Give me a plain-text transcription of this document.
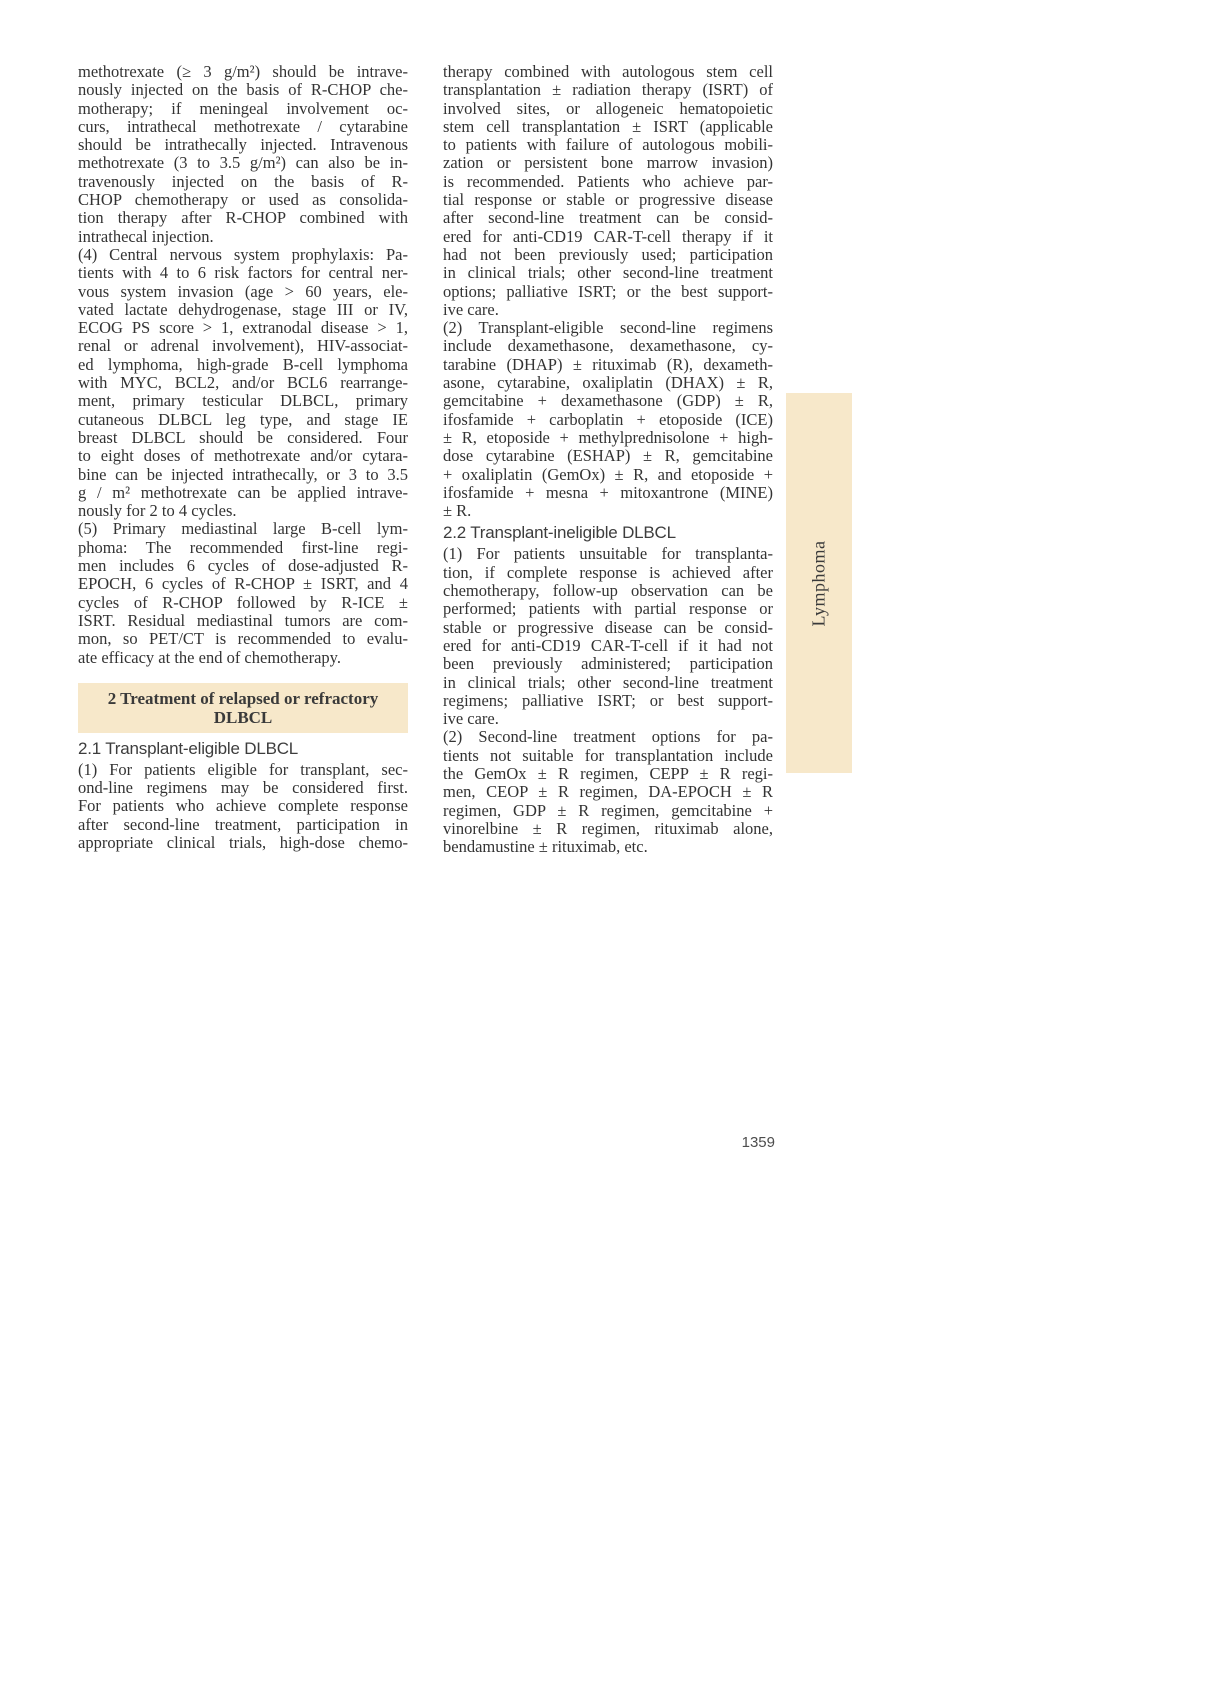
methotrexate (≥ 3 g/m²) should be intrave-
nously injected on the basis of R-CHOP che-
motherapy; if meningeal involvement oc-
curs, intrathecal methotrexate / cytarabine
should be intrathecally injected. Intravenous
methotrexate (3 to 3.5 g/m²) can also be in-
travenously injected on the basis of R-
CHOP chemotherapy or used as consolida-
tion therapy after R-CHOP combined with
intrathecal injection.
(4) Central nervous system prophylaxis: Pa-
tients with 4 to 6 risk factors for central ner-
vous system invasion (age > 60 years, ele-
vated lactate dehydrogenase, stage III or IV,
ECOG PS score > 1, extranodal disease > 1,
renal or adrenal involvement), HIV-associat-
ed lymphoma, high-grade B-cell lymphoma
with MYC, BCL2, and/or BCL6 rearrange-
ment, primary testicular DLBCL, primary
cutaneous DLBCL leg type, and stage IE
breast DLBCL should be considered. Four
to eight doses of methotrexate and/or cytara-
bine can be injected intrathecally, or 3 to 3.5
g / m² methotrexate can be applied intrave-
nously for 2 to 4 cycles.
(5) Primary mediastinal large B-cell lym-
phoma: The recommended first-line regi-
men includes 6 cycles of dose-adjusted R-
EPOCH, 6 cycles of R-CHOP ± ISRT, and 4
cycles of R-CHOP followed by R-ICE ±
ISRT. Residual mediastinal tumors are com-
mon, so PET/CT is recommended to evalu-
ate efficacy at the end of chemotherapy.
2 Treatment of relapsed or refractory
DLBCL
2.1 Transplant-eligible DLBCL
(1) For patients eligible for transplant, sec-
ond-line regimens may be considered first.
For patients who achieve complete response
after second-line treatment, participation in
appropriate clinical trials, high-dose chemo-
therapy combined with autologous stem cell
transplantation ± radiation therapy (ISRT) of
involved sites, or allogeneic hematopoietic
stem cell transplantation ± ISRT (applicable
to patients with failure of autologous mobili-
zation or persistent bone marrow invasion)
is recommended. Patients who achieve par-
tial response or stable or progressive disease
after second-line treatment can be consid-
ered for anti-CD19 CAR-T-cell therapy if it
had not been previously used; participation
in clinical trials; other second-line treatment
options; palliative ISRT; or the best support-
ive care.
(2) Transplant-eligible second-line regimens
include dexamethasone, dexamethasone, cy-
tarabine (DHAP) ± rituximab (R), dexameth-
asone, cytarabine, oxaliplatin (DHAX) ± R,
gemcitabine + dexamethasone (GDP) ± R,
ifosfamide + carboplatin + etoposide (ICE)
± R, etoposide + methylprednisolone + high-
dose cytarabine (ESHAP) ± R, gemcitabine
+ oxaliplatin (GemOx) ± R, and etoposide +
ifosfamide + mesna + mitoxantrone (MINE)
± R.
2.2 Transplant-ineligible DLBCL
(1) For patients unsuitable for transplanta-
tion, if complete response is achieved after
chemotherapy, follow-up observation can be
performed; patients with partial response or
stable or progressive disease can be consid-
ered for anti-CD19 CAR-T-cell if it had not
been previously administered; participation
in clinical trials; other second-line treatment
regimens; palliative ISRT; or best support-
ive care.
(2) Second-line treatment options for pa-
tients not suitable for transplantation include
the GemOx ± R regimen, CEPP ± R regi-
men, CEOP ± R regimen, DA-EPOCH ± R
regimen, GDP ± R regimen, gemcitabine +
vinorelbine ± R regimen, rituximab alone,
bendamustine ± rituximab, etc.
Lymphoma
1359
